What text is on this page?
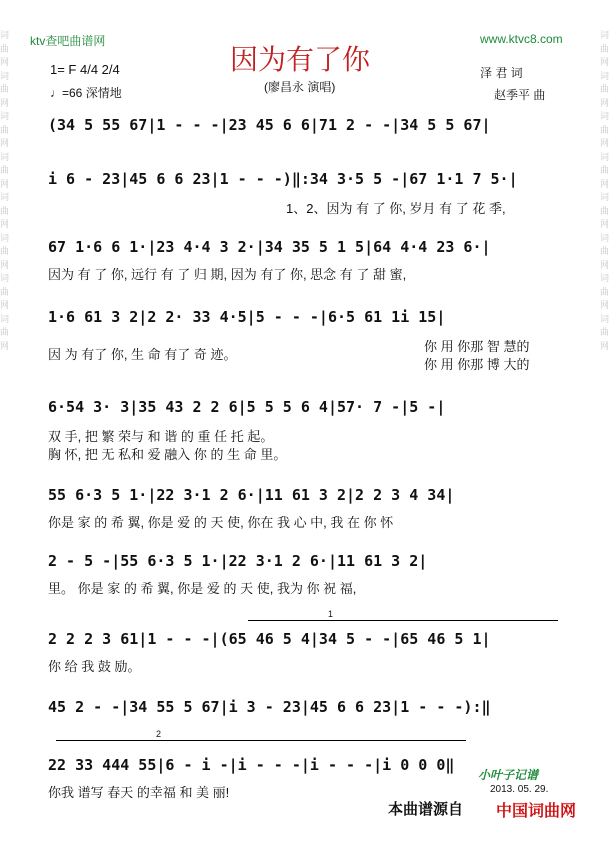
词曲网词曲网词曲网词曲网词曲网词曲网词曲网词曲网
词曲网词曲网词曲网词曲网词曲网词曲网词曲网词曲网
ktv查吧曲谱网	www.ktvc8.com
因为有了你
(廖昌永 演唱)
1= F 4/4 2/4
♩=66 深情地
泽 君 词
赵季平 曲
(34 5 55 67|1 - - -|23 45 6 6|71 2 - -|34 5 5 67|
i 6 - 23|45 6 6 23|1 - - -)‖:34 3·5 5 -|67 1·1 7 5·|
1、2、因为 有 了 你, 岁月 有 了 花 季,
67 1·6 6 1·|23 4·4 3 2·|34 35 5 1 5|64 4·4 23 6·|
因为 有 了 你, 远行 有 了 归 期, 因为 有了 你, 思念 有 了 甜 蜜,
1·6 61 3 2|2 2· 33 4·5|5 - - -|6·5 61 1i 15|
因 为 有了 你, 生 命 有了 奇 迹。
你 用 你那 智 慧的
你 用 你那 博 大的
6·54 3· 3|35 43 2 2 6|5 5 5 6 4|57· 7 -|5 -|
双 手, 把 繁 荣与 和 谐 的 重 任 托 起。
胸 怀, 把 无 私和 爱 融入 你 的 生 命 里。
55 6·3 5 1·|22 3·1 2 6·|11 61 3 2|2 2 3 4 34|
你是 家 的 希 翼, 你是 爱 的 天 使, 你在 我 心 中, 我 在 你 怀
2 - 5 -|55 6·3 5 1·|22 3·1 2 6·|11 61 3 2|
里。 你是 家 的 希 翼, 你是 爱 的 天 使, 我为 你 祝 福,
1
2 2 2 3 61|1 - - -|(65 46 5 4|34 5 - -|65 46 5 1|
你 给 我 鼓 励。
45 2 - -|34 55 5 67|i 3 - 23|45 6 6 23|1 - - -):‖
2
22 33 444 55|6 - i -|i - - -|i - - -|i 0 0 0‖
你我 谱写 春天 的幸福 和 美 丽!
小叶子记谱
2013. 05. 29.
本曲谱源自 中国词曲网
